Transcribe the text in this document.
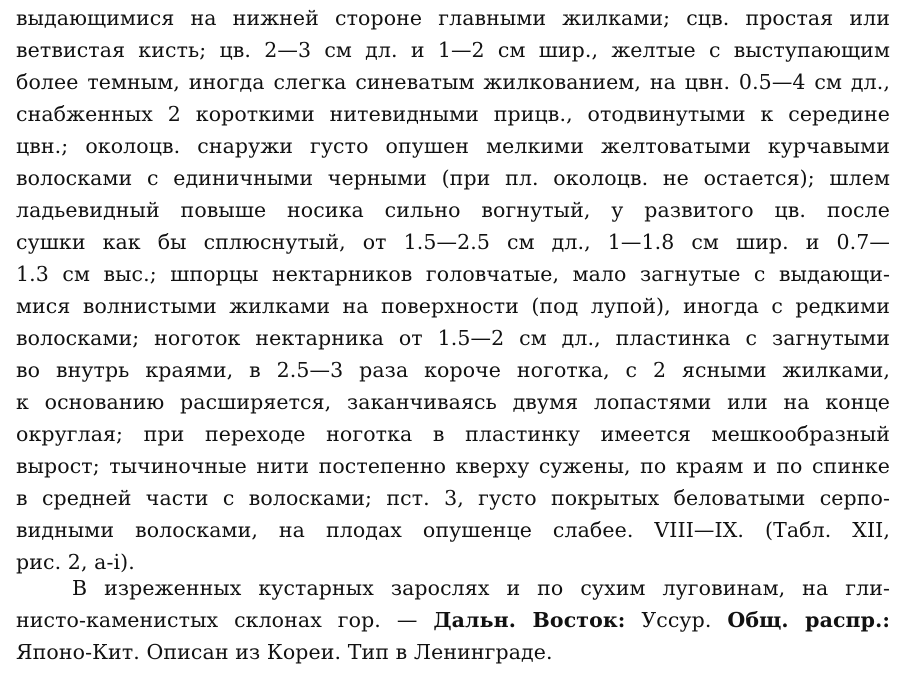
выдающимися на нижней стороне главными жилками; сцв. простая или
ветвистая кисть; цв. 2—3 см дл. и 1—2 см шир., желтые с выступающим
более темным, иногда слегка синеватым жилкованием, на цвн. 0.5—4 см дл.,
снабженных 2 короткими нитевидными прицв., отодвинутыми к середине
цвн.; околоцв. снаружи густо опушен мелкими желтоватыми курчавыми
волосками с единичными черными (при пл. околоцв. не остается); шлем
ладьевидный повыше носика сильно вогнутый, у развитого цв. после
сушки как бы сплюснутый, от 1.5—2.5 см дл., 1—1.8 см шир. и 0.7—
1.3 см выс.; шпорцы нектарников головчатые, мало загнутые с выдающи-
мися волнистыми жилками на поверхности (под лупой), иногда с редкими
волосками; ноготок нектарника от 1.5—2 см дл., пластинка с загнутыми
во внутрь краями, в 2.5—3 раза короче ноготка, с 2 ясными жилками,
к основанию расширяется, заканчиваясь двумя лопастями или на конце
округлая; при переходе ноготка в пластинку имеется мешкообразный
вырост; тычиночные нити постепенно кверху сужены, по краям и по спинке
в средней части с волосками; пст. 3, густо покрытых беловатыми серпо-
видными волосками, на плодах опушенце слабее. VIII—IX. (Табл. XII,
рис. 2, а-i).
В изреженных кустарных зарослях и по сухим луговинам, на гли-
нисто-каменистых склонах гор. — Дальн. Восток: Уссур. Общ. распр.:
Японо-Кит. Описан из Кореи. Тип в Ленинграде.
